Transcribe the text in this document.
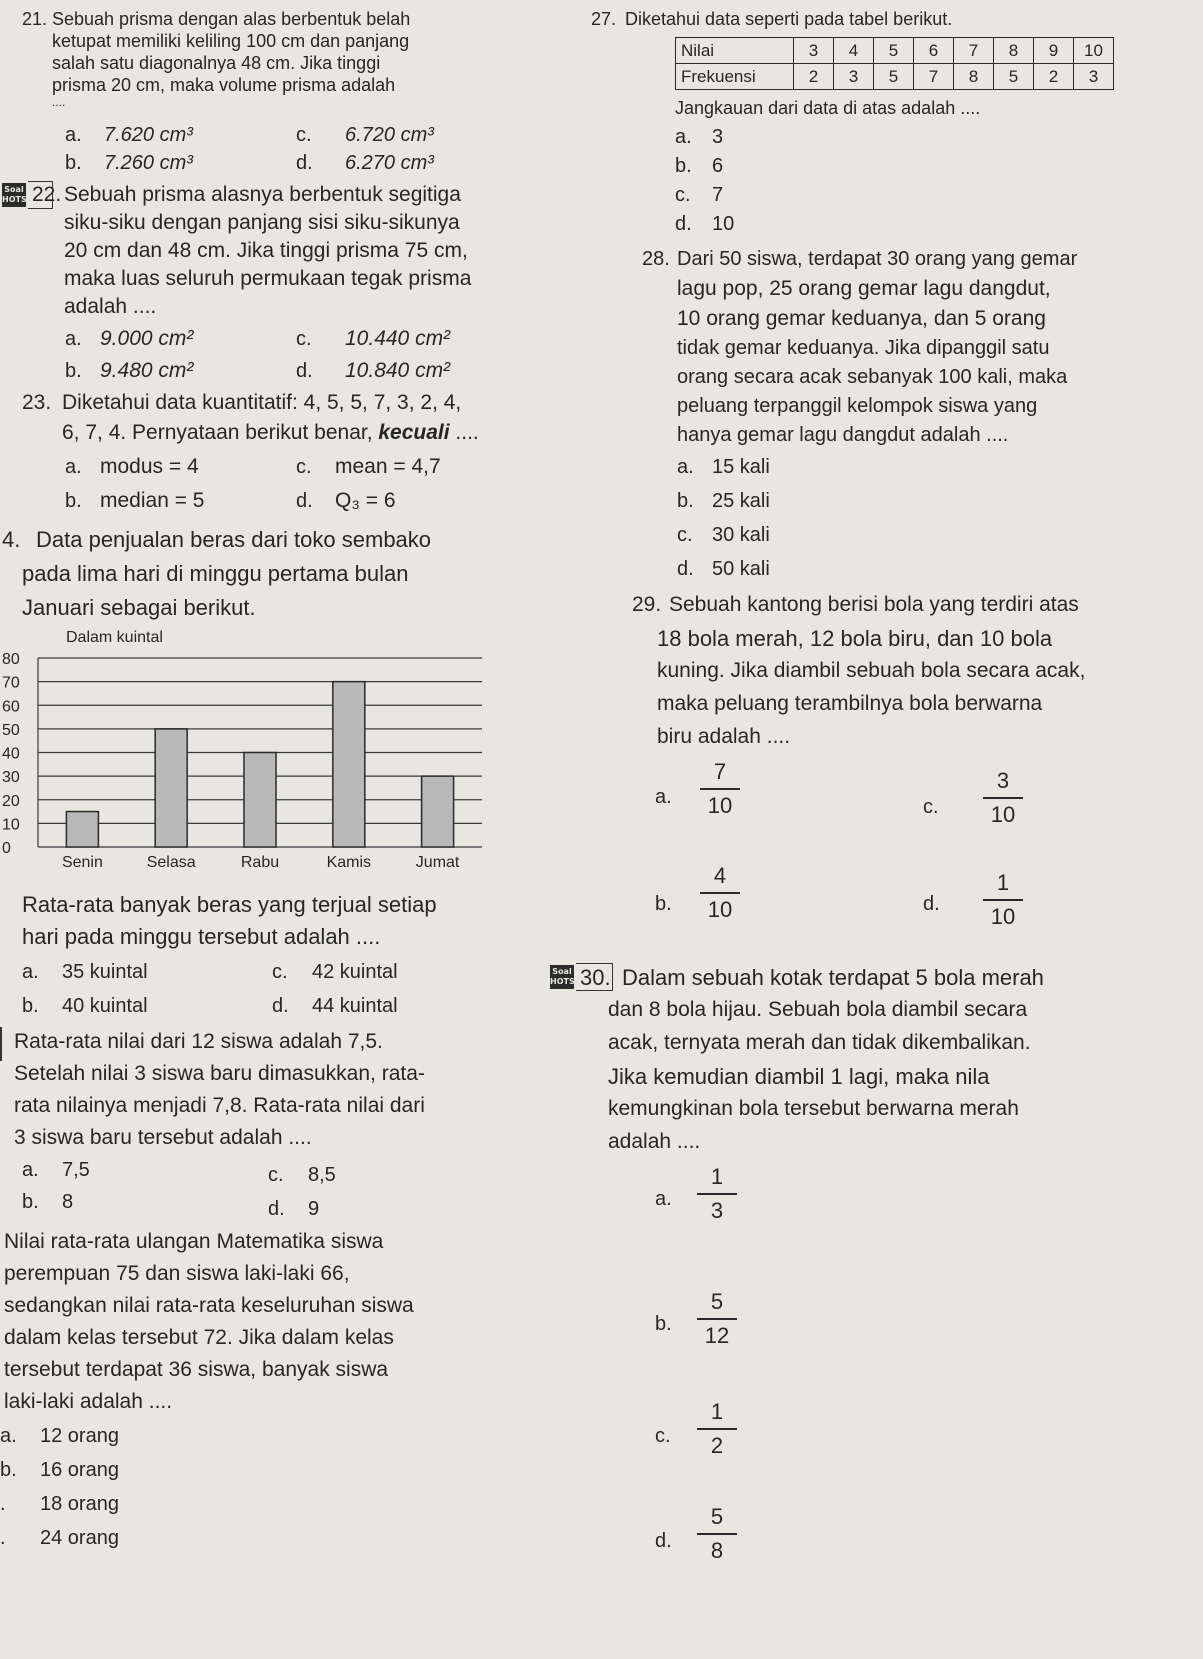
21. Sebuah prisma dengan alas berbentuk belah
ketupat memiliki keliling 100 cm dan panjang
salah satu diagonalnya 48 cm. Jika tinggi
prisma 20 cm, maka volume prisma adalah
....
a. 7.620 cm³
b. 7.260 cm³
c. 6.720 cm³
d. 6.270 cm³
Soal HOTS 22. Sebuah prisma alasnya berbentuk segitiga
siku-siku dengan panjang sisi siku-sikunya
20 cm dan 48 cm. Jika tinggi prisma 75 cm,
maka luas seluruh permukaan tegak prisma
adalah ....
a. 9.000 cm²
b. 9.480 cm²
c. 10.440 cm²
d. 10.840 cm²
23. Diketahui data kuantitatif: 4, 5, 5, 7, 3, 2, 4,
6, 7, 4. Pernyataan berikut benar, kecuali ....
a. modus = 4
b. median = 5
c. mean = 4,7
d. Q₃ = 6
4. Data penjualan beras dari toko sembako
pada lima hari di minggu pertama bulan
Januari sebagai berikut.
Dalam kuintal
0
10
20
30
40
50
60
70
80
Senin	Selasa	Rabu	Kamis	Jumat
Rata-rata banyak beras yang terjual setiap
hari pada minggu tersebut adalah ....
a. 35 kuintal
b. 40 kuintal
c. 42 kuintal
d. 44 kuintal
Rata-rata nilai dari 12 siswa adalah 7,5.
Setelah nilai 3 siswa baru dimasukkan, rata-
rata nilainya menjadi 7,8. Rata-rata nilai dari
3 siswa baru tersebut adalah ....
a. 7,5
b. 8
c. 8,5
d. 9
Nilai rata-rata ulangan Matematika siswa
perempuan 75 dan siswa laki-laki 66,
sedangkan nilai rata-rata keseluruhan siswa
dalam kelas tersebut 72. Jika dalam kelas
tersebut terdapat 36 siswa, banyak siswa
laki-laki adalah ....
a. 12 orang
b. 16 orang
. 18 orang
. 24 orang
27. Diketahui data seperti pada tabel berikut.
Nilai	3	4	5	6	7	8	9	10
Frekuensi	2	3	5	7	8	5	2	3
Jangkauan dari data di atas adalah ....
a. 3
b. 6
c. 7
d. 10
28. Dari 50 siswa, terdapat 30 orang yang gemar
lagu pop, 25 orang gemar lagu dangdut,
10 orang gemar keduanya, dan 5 orang
tidak gemar keduanya. Jika dipanggil satu
orang secara acak sebanyak 100 kali, maka
peluang terpanggil kelompok siswa yang
hanya gemar lagu dangdut adalah ....
a. 15 kali
b. 25 kali
c. 30 kali
d. 50 kali
29. Sebuah kantong berisi bola yang terdiri atas
18 bola merah, 12 bola biru, dan 10 bola
kuning. Jika diambil sebuah bola secara acak,
maka peluang terambilnya bola berwarna
biru adalah ....
a.
7
10
b.
4
10
c.
3
10
d.
1
10
Soal HOTS 30. Dalam sebuah kotak terdapat 5 bola merah
dan 8 bola hijau. Sebuah bola diambil secara
acak, ternyata merah dan tidak dikembalikan.
Jika kemudian diambil 1 lagi, maka nila
kemungkinan bola tersebut berwarna merah
adalah ....
a.
1
3
b.
5
12
c.
1
2
d.
5
8
